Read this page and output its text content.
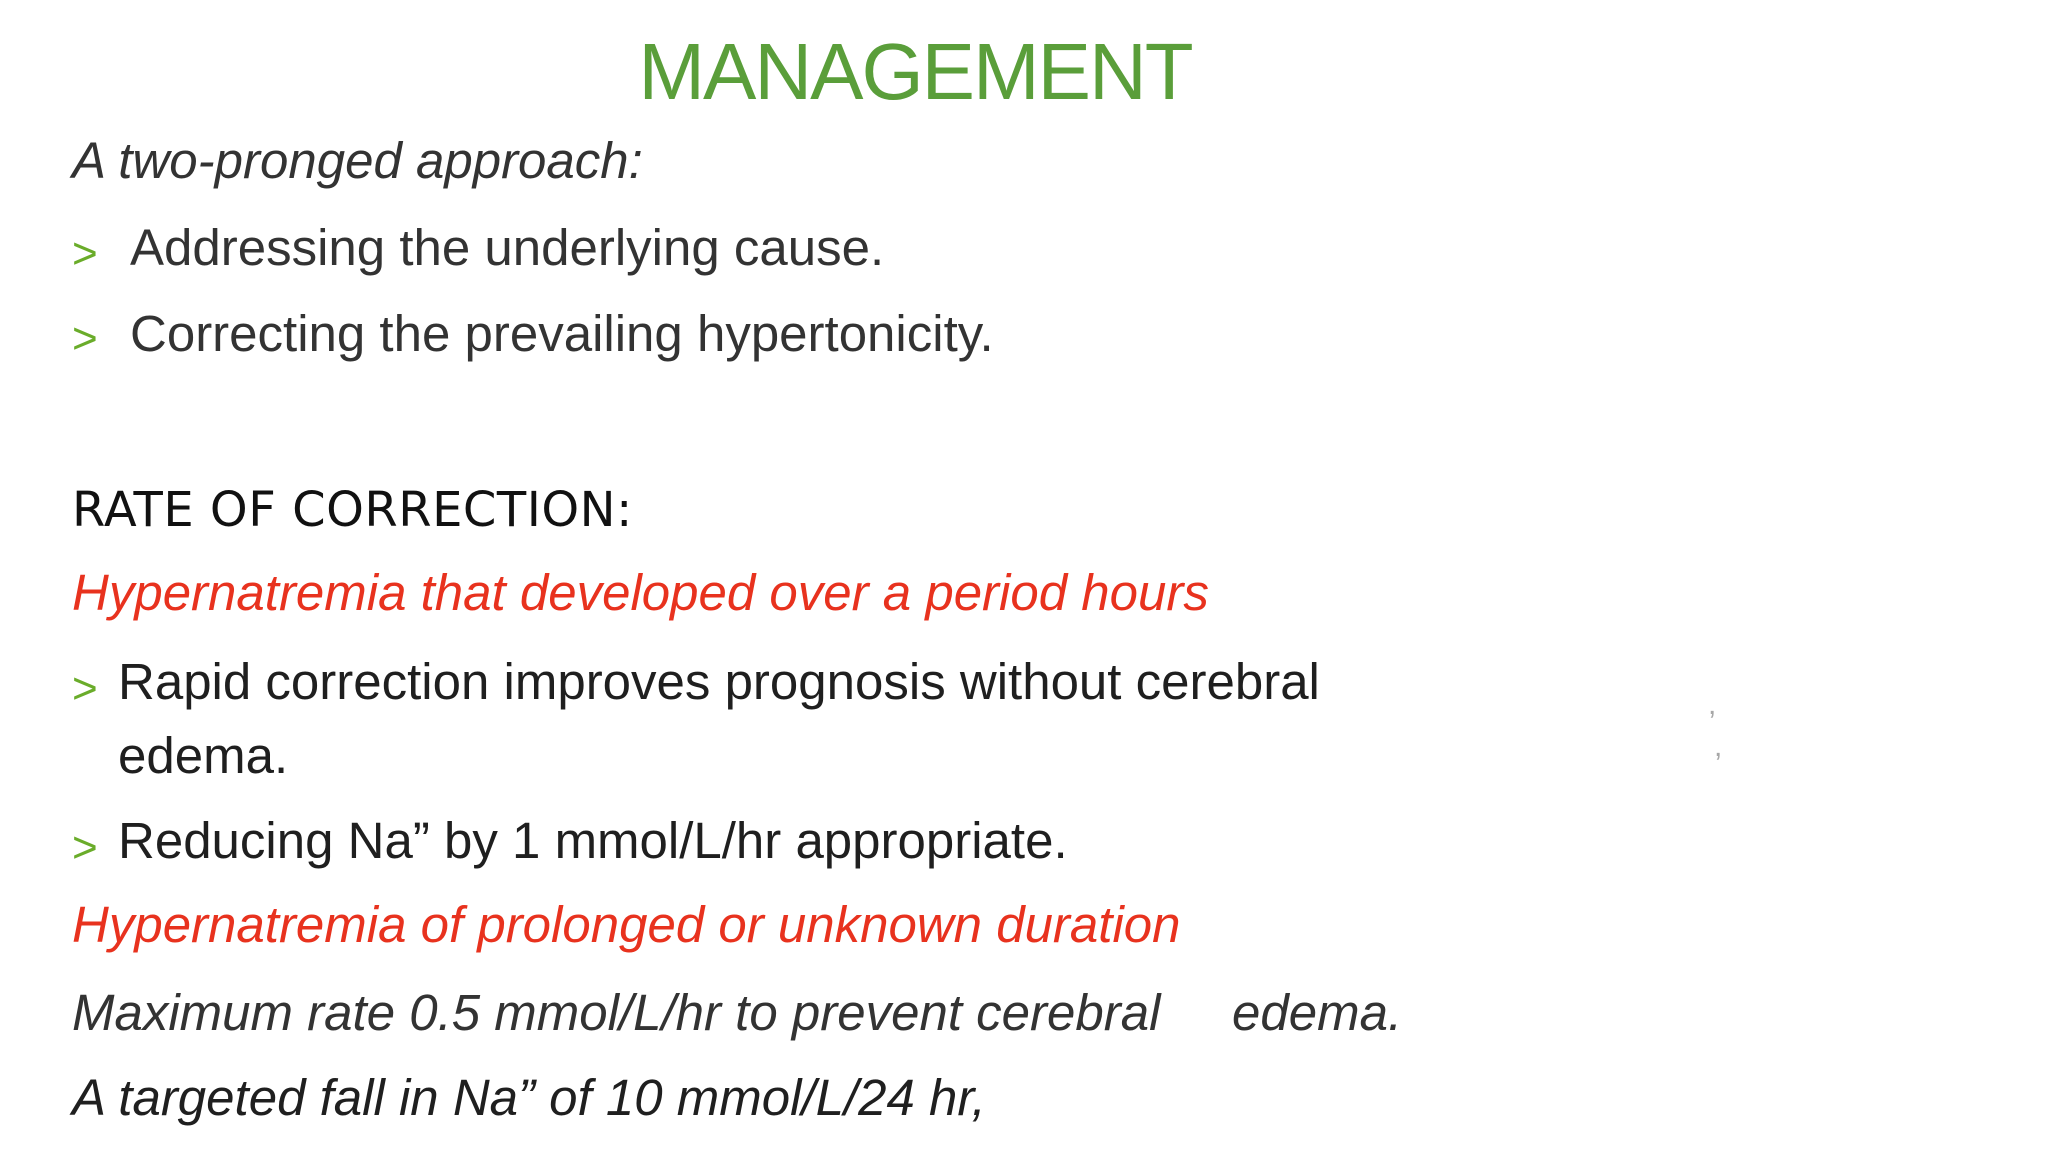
MANAGEMENT
A two-pronged approach:
> Addressing the underlying cause.
> Correcting the prevailing hypertonicity.
RATE OF CORRECTION:
Hypernatremia that developed over a period hours
> Rapid correction improves prognosis without cerebral
edema.
> Reducing Na” by 1 mmol/L/hr appropriate.
Hypernatremia of prolonged or unknown duration
Maximum rate 0.5 mmol/L/hr to prevent cerebral edema.
A targeted fall in Na” of 10 mmol/L/24 hr,
,
,
